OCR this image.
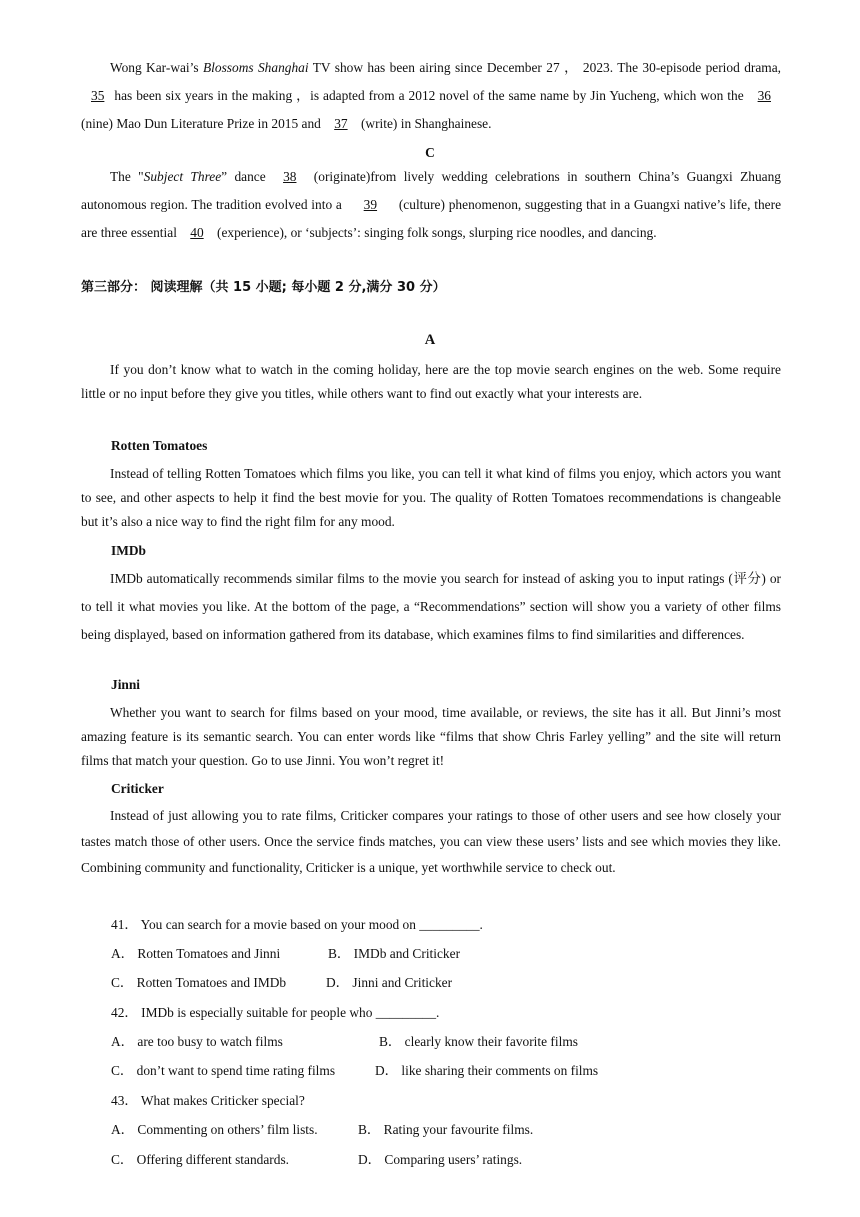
Wong Kar-wai’s Blossoms Shanghai TV show has been airing since December 27 ， 2023. The 30-episode period drama, 35 has been six years in the making ，is adapted from a 2012 novel of the same name by Jin Yucheng, which won the 36 (nine) Mao Dun Literature Prize in 2015 and 37 (write) in Shanghainese.

C

The "Subject Three” dance 38 (originate)from lively wedding celebrations in southern China’s Guangxi Zhuang autonomous region. The tradition evolved into a 39 (culture) phenomenon, suggesting that in a Guangxi native’s life, there are three essential 40 (experience), or ‘subjects’: singing folk songs, slurping rice noodles, and dancing.

第三部分： 阅读理解（共 15 小题; 每小题 2 分,满分 30 分）

A

If you don’t know what to watch in the coming holiday, here are the top movie search engines on the web. Some require little or no input before they give you titles, while others want to find out exactly what your interests are.

Rotten Tomatoes

Instead of telling Rotten Tomatoes which films you like, you can tell it what kind of films you enjoy, which actors you want to see, and other aspects to help it find the best movie for you. The quality of Rotten Tomatoes recommendations is changeable but it’s also a nice way to find the right film for any mood.

IMDb

IMDb automatically recommends similar films to the movie you search for instead of asking you to input ratings (评分) or to tell it what movies you like. At the bottom of the page, a “Recommendations” section will show you a variety of other films being displayed, based on information gathered from its database, which examines films to find similarities and differences.

Jinni

Whether you want to search for films based on your mood, time available, or reviews, the site has it all. But Jinni’s most amazing feature is its semantic search. You can enter words like “films that show Chris Farley yelling” and the site will return films that match your question. Go to use Jinni. You won’t regret it!

Criticker

Instead of just allowing you to rate films, Criticker compares your ratings to those of other users and see how closely your tastes match those of other users. Once the service finds matches, you can view these users’ lists and see which movies they like. Combining community and functionality, Criticker is a unique, yet worthwhile service to check out.

41． You can search for a movie based on your mood on _________.

A． Rotten Tomatoes and Jinni	B． IMDb and Criticker

C． Rotten Tomatoes and IMDb	D． Jinni and Criticker

42． IMDb is especially suitable for people who _________.

A． are too busy to watch films	B． clearly know their favorite films

C． don’t want to spend time rating films	D． like sharing their comments on films

43． What makes Criticker special?

A． Commenting on others’ film lists.	B． Rating your favourite films.

C． Offering different standards.	D． Comparing users’ ratings.
